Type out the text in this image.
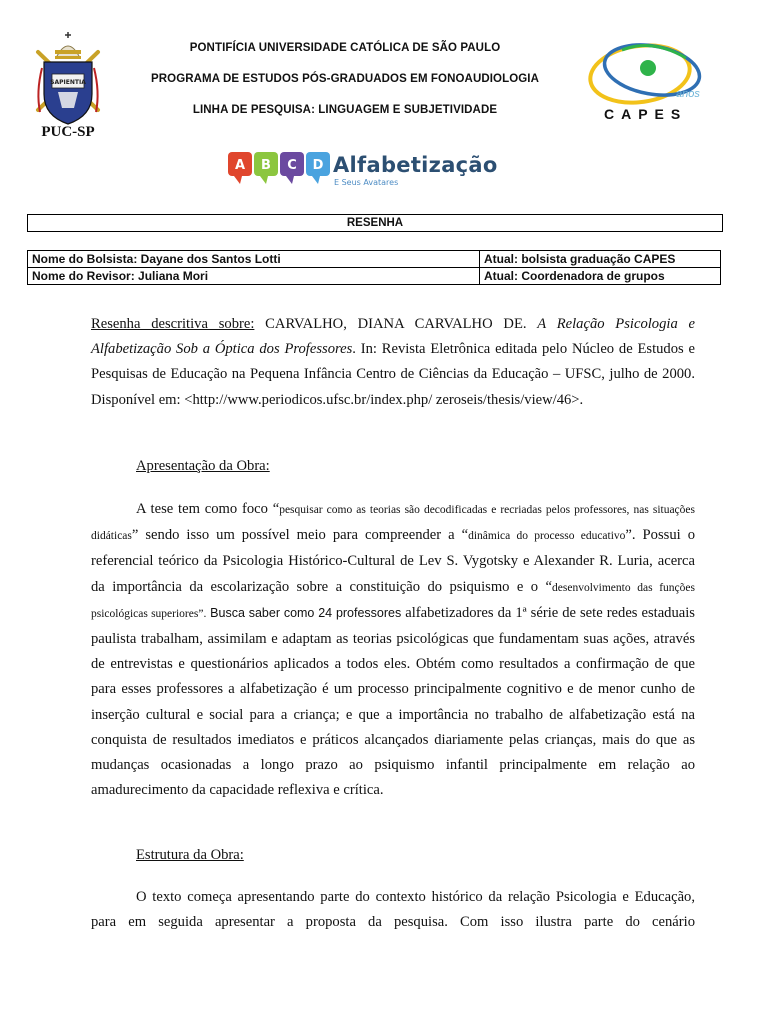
SAPIENTIA
PUC-SP
PONTIFÍCIA UNIVERSIDADE CATÓLICA DE SÃO PAULO
PROGRAMA DE ESTUDOS PÓS-GRADUADOS EM FONOAUDIOLOGIA
LINHA DE PESQUISA: LINGUAGEM E SUBJETIVIDADE
anos
CAPES
A B C D Alfabetização
E Seus Avatares
RESENHA
Nome do Bolsista: Dayane dos Santos Lotti	Atual: bolsista graduação CAPES
Nome do Revisor: Juliana Mori	Atual: Coordenadora de grupos
Resenha descritiva sobre: CARVALHO, DIANA CARVALHO DE. A Relação Psicologia e Alfabetização Sob a Óptica dos Professores. In: Revista Eletrônica editada pelo Núcleo de Estudos e Pesquisas de Educação na Pequena Infância Centro de Ciências da Educação – UFSC, julho de 2000. Disponível em: <http://www.periodicos.ufsc.br/index.php/ zeroseis/thesis/view/46>.
Apresentação da Obra:
A tese tem como foco “pesquisar como as teorias são decodificadas e recriadas pelos professores, nas situações didáticas” sendo isso um possível meio para compreender a “dinâmica do processo educativo”. Possui o referencial teórico da Psicologia Histórico-Cultural de Lev S. Vygotsky e Alexander R. Luria, acerca da importância da escolarização sobre a constituição do psiquismo e o “desenvolvimento das funções psicológicas superiores”. Busca saber como 24 professores alfabetizadores da 1ª série de sete redes estaduais paulista trabalham, assimilam e adaptam as teorias psicológicas que fundamentam suas ações, através de entrevistas e questionários aplicados a todos eles. Obtém como resultados a confirmação de que para esses professores a alfabetização é um processo principalmente cognitivo e de menor cunho de inserção cultural e social para a criança; e que a importância no trabalho de alfabetização está na conquista de resultados imediatos e práticos alcançados diariamente pelas crianças, mais do que as mudanças ocasionadas a longo prazo ao psiquismo infantil principalmente em relação ao amadurecimento da capacidade reflexiva e crítica.
Estrutura da Obra:
O texto começa apresentando parte do contexto histórico da relação Psicologia e Educação, para em seguida apresentar a proposta da pesquisa. Com isso ilustra parte do cenário
